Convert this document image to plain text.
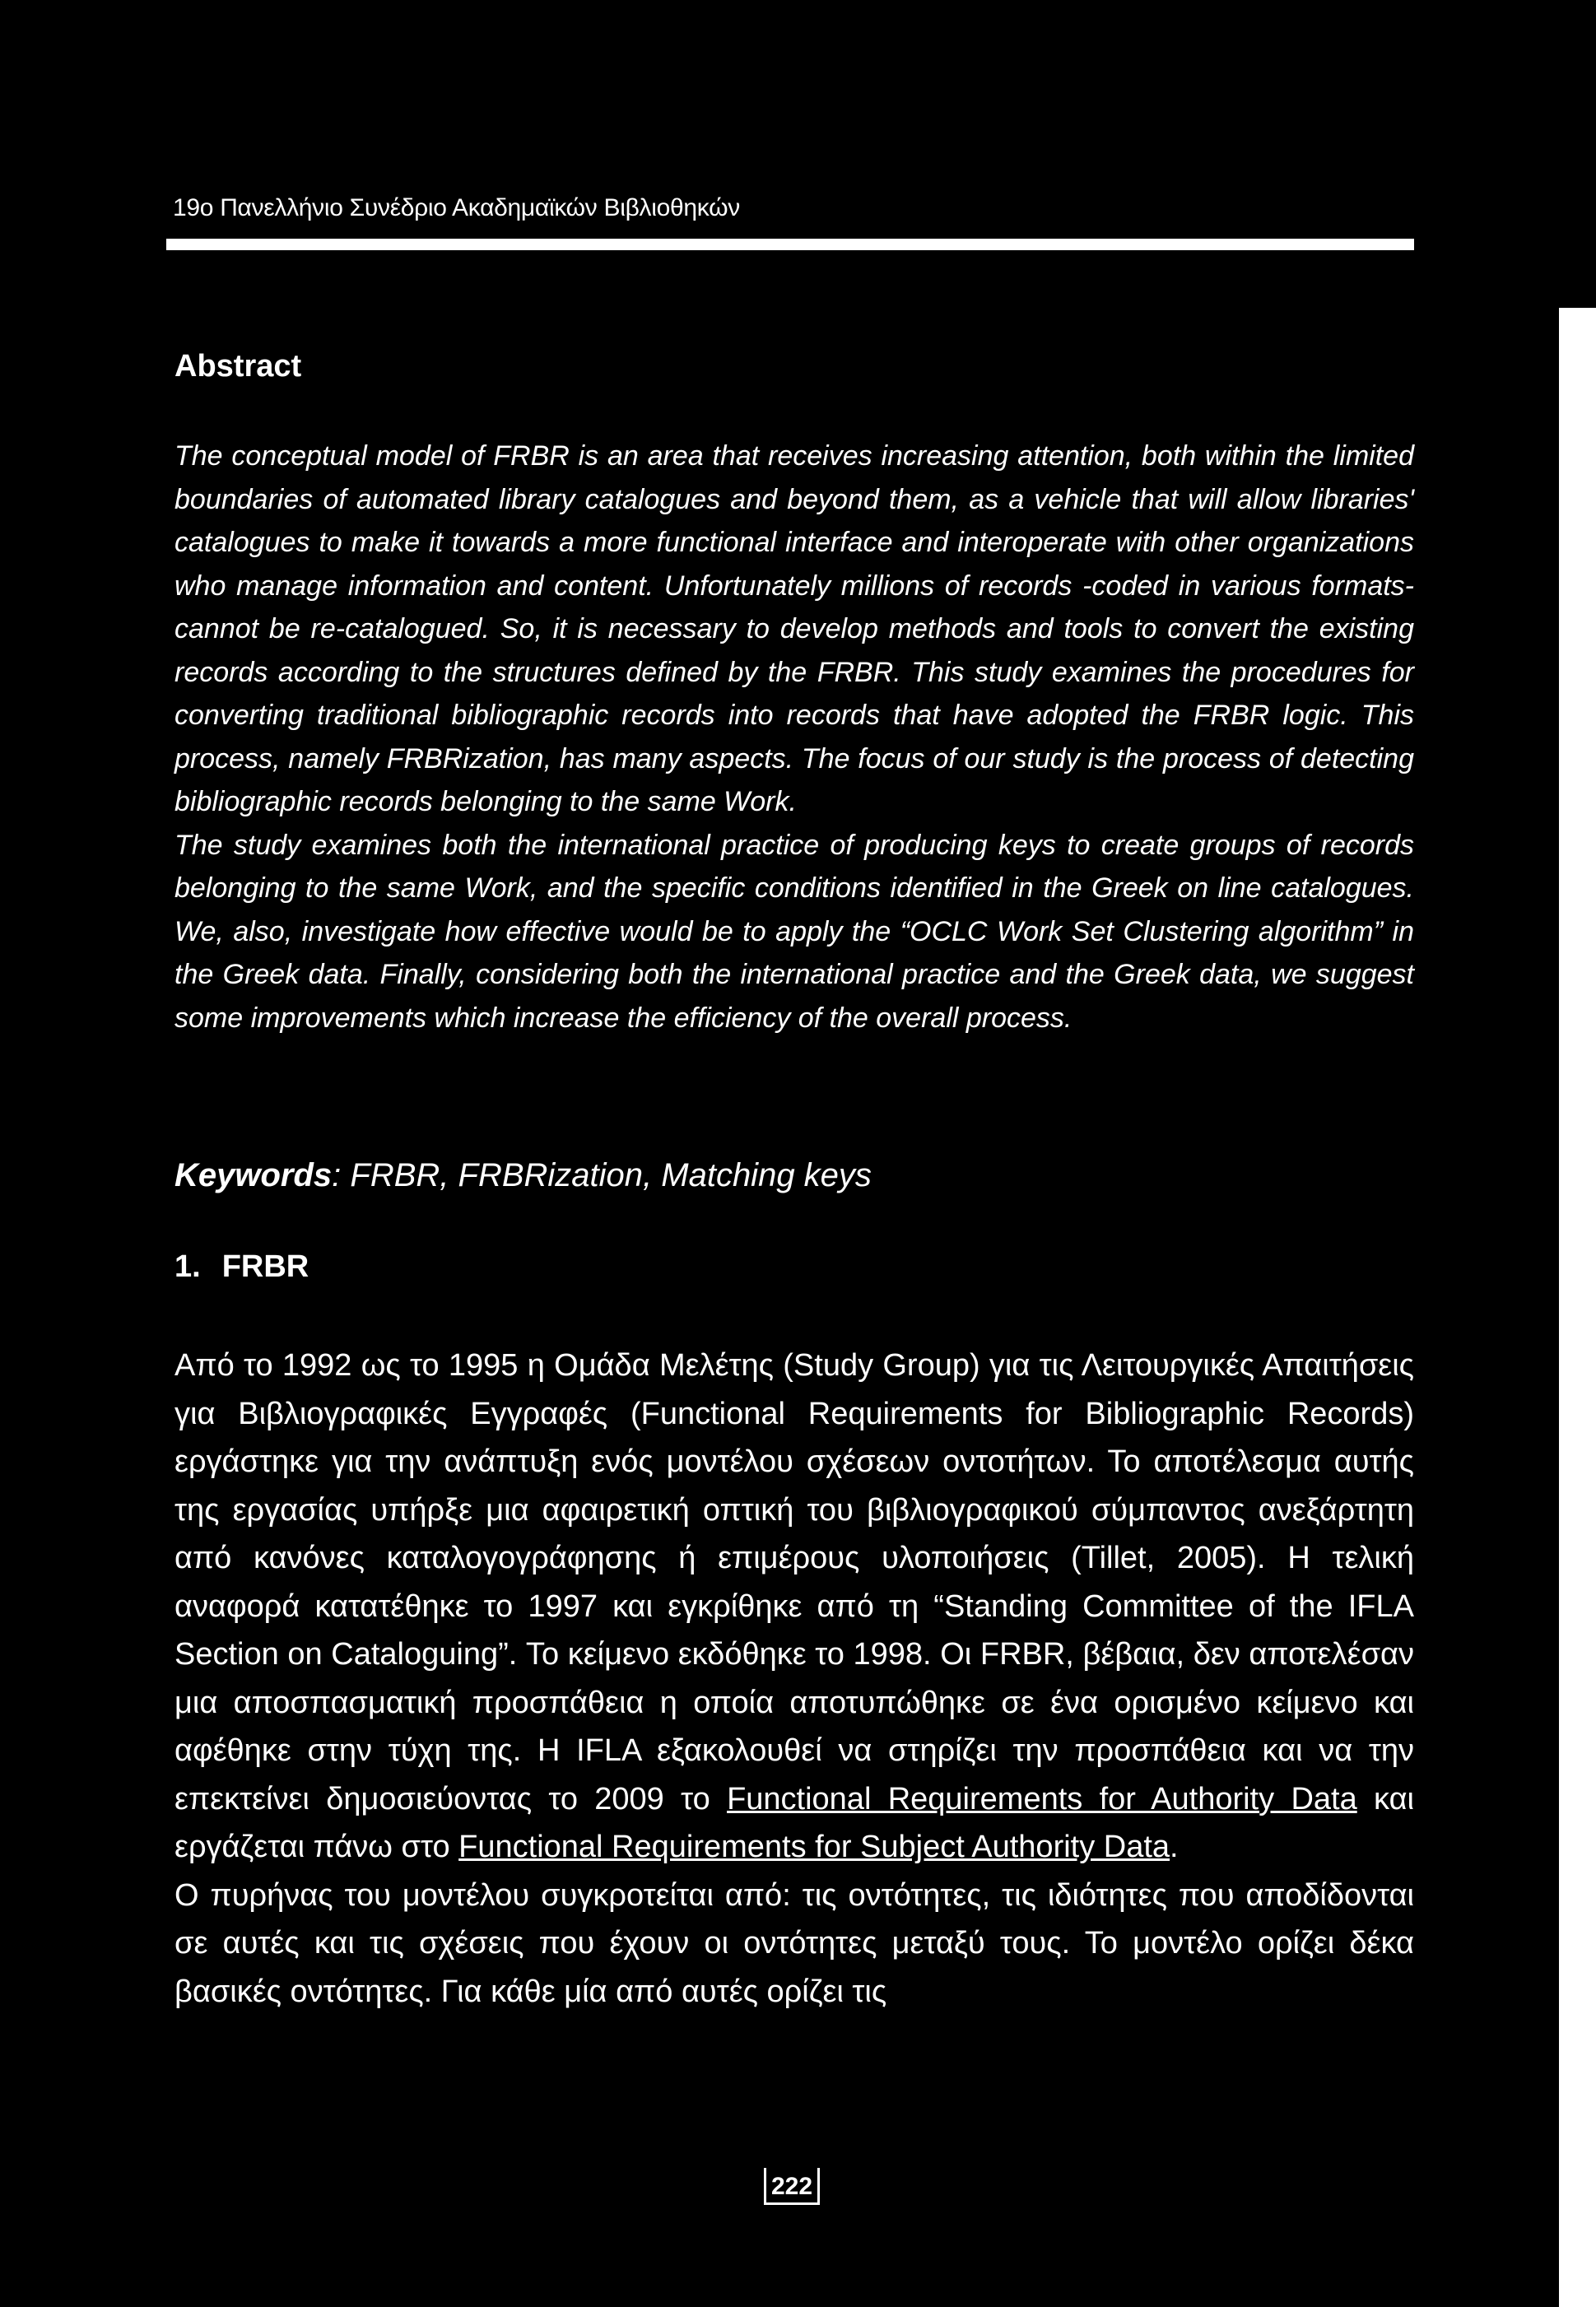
19ο Πανελλήνιο Συνέδριο Ακαδημαϊκών Βιβλιοθηκών
Abstract

The conceptual model of FRBR is an area that receives increasing attention, both within the limited boundaries of automated library catalogues and beyond them, as a vehicle that will allow libraries' catalogues to make it towards a more functional interface and interoperate with other organizations who manage information and content. Unfortunately millions of records -coded in various formats- cannot be re-catalogued. So, it is necessary to develop methods and tools to convert the existing records according to the structures defined by the FRBR. This study examines the procedures for converting traditional bibliographic records into records that have adopted the FRBR logic. This process, namely FRBRization, has many aspects. The focus of our study is the process of detecting bibliographic records belonging to the same Work.

The study examines both the international practice of producing keys to create groups of records belonging to the same Work, and the specific conditions identified in the Greek on line catalogues. We, also, investigate how effective would be to apply the “OCLC Work Set Clustering algorithm” in the Greek data. Finally, considering both the international practice and the Greek data, we suggest some improvements which increase the efficiency of the overall process.

Keywords: FRBR, FRBRization, Matching keys
1. FRBR

Από το 1992 ως το 1995 η Ομάδα Μελέτης (Study Group) για τις Λειτουργικές Απαιτήσεις για Βιβλιογραφικές Εγγραφές (Functional Requirements for Bibliographic Records) εργάστηκε για την ανάπτυξη ενός μοντέλου σχέσεων οντοτήτων. Το αποτέλεσμα αυτής της εργασίας υπήρξε μια αφαιρετική οπτική του βιβλιογραφικού σύμπαντος ανεξάρτητη από κανόνες καταλογογράφησης ή επιμέρους υλοποιήσεις (Tillet, 2005). Η τελική αναφορά κατατέθηκε το 1997 και εγκρίθηκε από τη “Standing Committee of the IFLA Section on Cataloguing”. Το κείμενο εκδόθηκε το 1998. Οι FRBR, βέβαια, δεν αποτελέσαν μια αποσπασματική προσπάθεια η οποία αποτυπώθηκε σε ένα ορισμένο κείμενο και αφέθηκε στην τύχη της. Η IFLA εξακολουθεί να στηρίζει την προσπάθεια και να την επεκτείνει δημοσιεύοντας το 2009 το Functional Requirements for Authority Data και εργάζεται πάνω στο Functional Requirements for Subject Authority Data.

Ο πυρήνας του μοντέλου συγκροτείται από: τις οντότητες, τις ιδιότητες που αποδίδονται σε αυτές και τις σχέσεις που έχουν οι οντότητες μεταξύ τους. Το μοντέλο ορίζει δέκα βασικές οντότητες. Για κάθε μία από αυτές ορίζει τις

222
